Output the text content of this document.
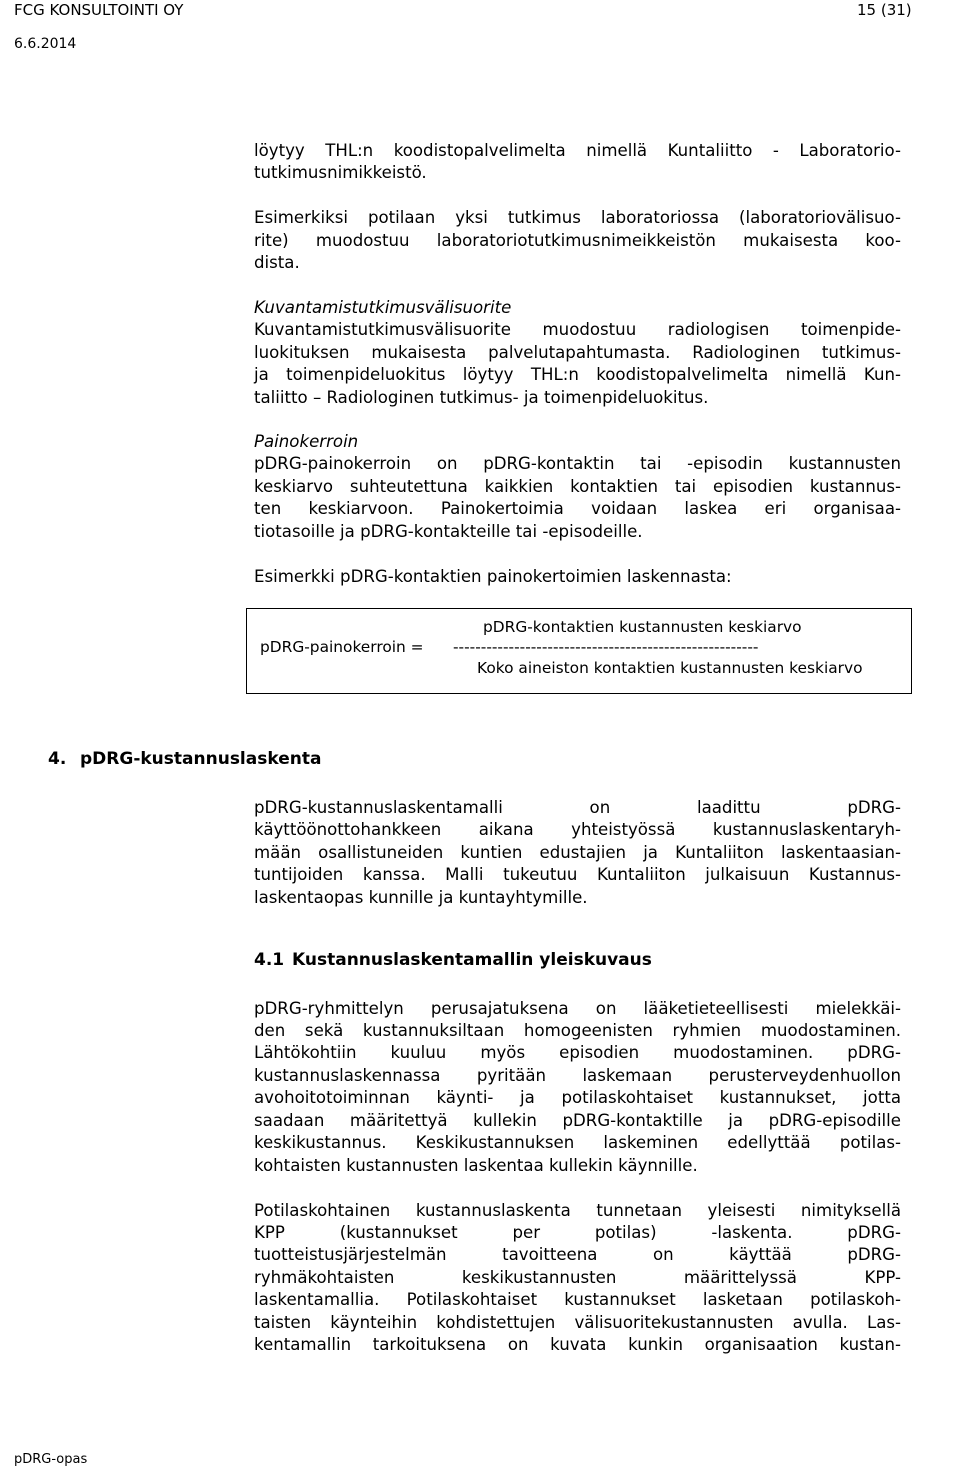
FCG KONSULTOINTI OY
6.6.2014
15 (31)
löytyy THL:n koodistopalvelimelta nimellä Kuntaliitto - Laboratorio-
tutkimusnimikkeistö.
Esimerkiksi potilaan yksi tutkimus laboratoriossa (laboratoriovälisuo-
rite) muodostuu laboratoriotutkimusnimeikkeistön mukaisesta koo-
dista.
Kuvantamistutkimusvälisuorite
Kuvantamistutkimusvälisuorite muodostuu radiologisen toimenpide-
luokituksen mukaisesta palvelutapahtumasta. Radiologinen tutkimus-
ja toimenpideluokitus löytyy THL:n koodistopalvelimelta nimellä Kun-
taliitto – Radiologinen tutkimus- ja toimenpideluokitus.
Painokerroin
pDRG-painokerroin on pDRG-kontaktin tai -episodin kustannusten
keskiarvo suhteutettuna kaikkien kontaktien tai episodien kustannus-
ten keskiarvoon. Painokertoimia voidaan laskea eri organisaa-
tiotasoille ja pDRG-kontakteille tai -episodeille.
Esimerkki pDRG-kontaktien painokertoimien laskennasta:
pDRG-kontaktien kustannusten keskiarvo
pDRG-painokerroin = -------------------------------------------------------
Koko aineiston kontaktien kustannusten keskiarvo
4. pDRG-kustannuslaskenta
pDRG-kustannuslaskentamalli on laadittu pDRG-
käyttöönottohankkeen aikana yhteistyössä kustannuslaskentaryh-
mään osallistuneiden kuntien edustajien ja Kuntaliiton laskentaasian-
tuntijoiden kanssa. Malli tukeutuu Kuntaliiton julkaisuun Kustannus-
laskentaopas kunnille ja kuntayhtymille.
4.1 Kustannuslaskentamallin yleiskuvaus
pDRG-ryhmittelyn perusajatuksena on lääketieteellisesti mielekkäi-
den sekä kustannuksiltaan homogeenisten ryhmien muodostaminen.
Lähtökohtiin kuuluu myös episodien muodostaminen. pDRG-
kustannuslaskennassa pyritään laskemaan perusterveydenhuollon
avohoitotoiminnan käynti- ja potilaskohtaiset kustannukset, jotta
saadaan määritettyä kullekin pDRG-kontaktille ja pDRG-episodille
keskikustannus. Keskikustannuksen laskeminen edellyttää potilas-
kohtaisten kustannusten laskentaa kullekin käynnille.
Potilaskohtainen kustannuslaskenta tunnetaan yleisesti nimityksellä
KPP (kustannukset per potilas) -laskenta. pDRG-
tuotteistusjärjestelmän tavoitteena on käyttää pDRG-
ryhmäkohtaisten keskikustannusten määrittelyssä KPP-
laskentamallia. Potilaskohtaiset kustannukset lasketaan potilaskoh-
taisten käynteihin kohdistettujen välisuoritekustannusten avulla. Las-
kentamallin tarkoituksena on kuvata kunkin organisaation kustan-
pDRG-opas
